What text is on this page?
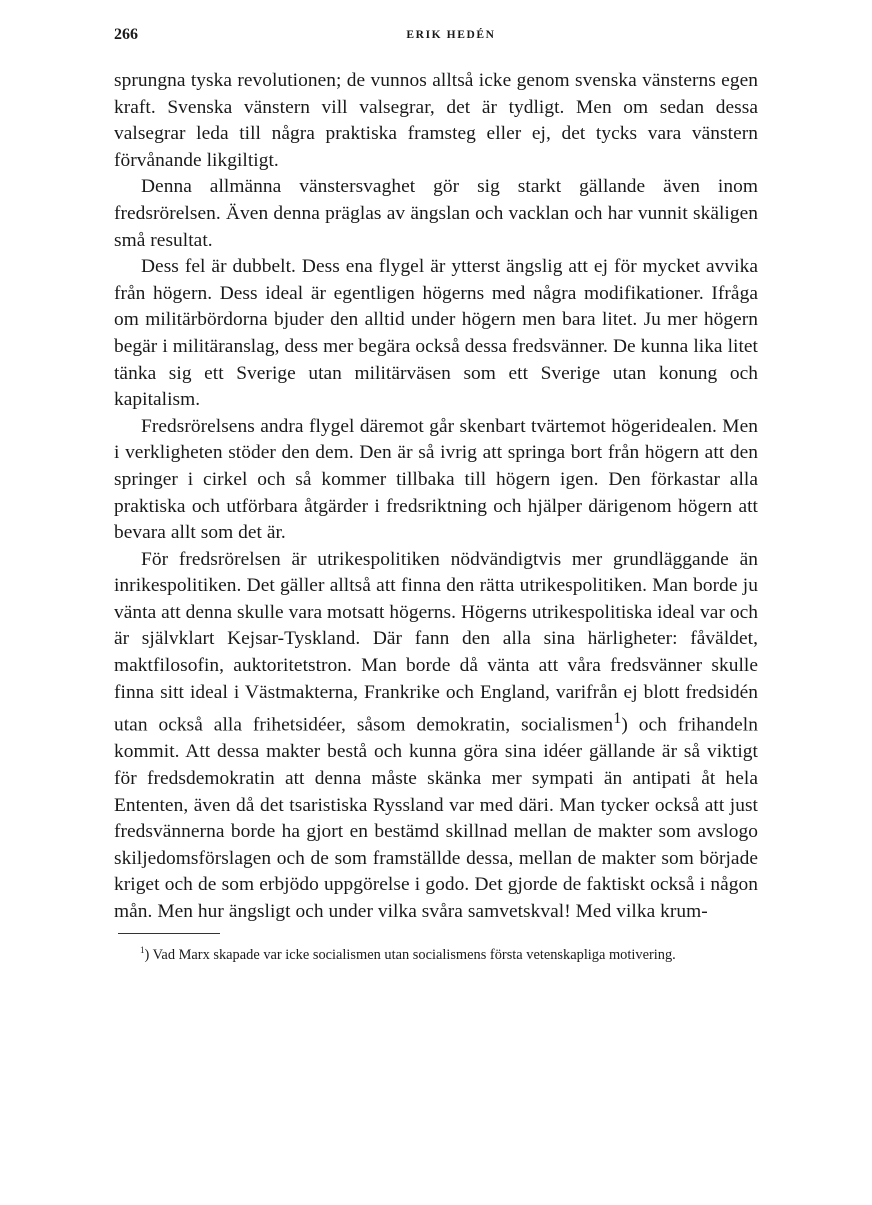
266	ERIK HEDÉN

sprungna tyska revolutionen; de vunnos alltså icke genom svenska vänsterns egen kraft. Svenska vänstern vill valsegrar, det är tydligt. Men om sedan dessa valsegrar leda till några praktiska framsteg eller ej, det tycks vara vänstern förvånande likgiltigt.

Denna allmänna vänstersvaghet gör sig starkt gällande även inom fredsrörelsen. Även denna präglas av ängslan och vacklan och har vunnit skäligen små resultat.

Dess fel är dubbelt. Dess ena flygel är ytterst ängslig att ej för mycket avvika från högern. Dess ideal är egentligen högerns med några modifikationer. Ifråga om militärbördorna bjuder den alltid under högern men bara litet. Ju mer högern begär i militäranslag, dess mer begära också dessa fredsvänner. De kunna lika litet tänka sig ett Sverige utan militärväsen som ett Sverige utan konung och kapitalism.

Fredsrörelsens andra flygel däremot går skenbart tvärtemot högeridealen. Men i verkligheten stöder den dem. Den är så ivrig att springa bort från högern att den springer i cirkel och så kommer tillbaka till högern igen. Den förkastar alla praktiska och utförbara åtgärder i fredsriktning och hjälper därigenom högern att bevara allt som det är.

För fredsrörelsen är utrikespolitiken nödvändigtvis mer grundläggande än inrikespolitiken. Det gäller alltså att finna den rätta utrikespolitiken. Man borde ju vänta att denna skulle vara motsatt högerns. Högerns utrikespolitiska ideal var och är självklart Kejsar-Tyskland. Där fann den alla sina härligheter: fåväldet, maktfilosofin, auktoritetstron. Man borde då vänta att våra fredsvänner skulle finna sitt ideal i Västmakterna, Frankrike och England, varifrån ej blott fredsidén utan också alla frihetsidéer, såsom demokratin, socialismen$^1$) och frihandeln kommit. Att dessa makter bestå och kunna göra sina idéer gällande är så viktigt för fredsdemokratin att denna måste skänka mer sympati än antipati åt hela Ententen, även då det tsaristiska Ryssland var med däri. Man tycker också att just fredsvännerna borde ha gjort en bestämd skillnad mellan de makter som avslogo skiljedomsförslagen och de som framställde dessa, mellan de makter som började kriget och de som erbjödo uppgörelse i godo. Det gjorde de faktiskt också i någon mån. Men hur ängsligt och under vilka svåra samvetskval! Med vilka krum-

$^1$) Vad Marx skapade var icke socialismen utan socialismens första vetenskapliga motivering.
